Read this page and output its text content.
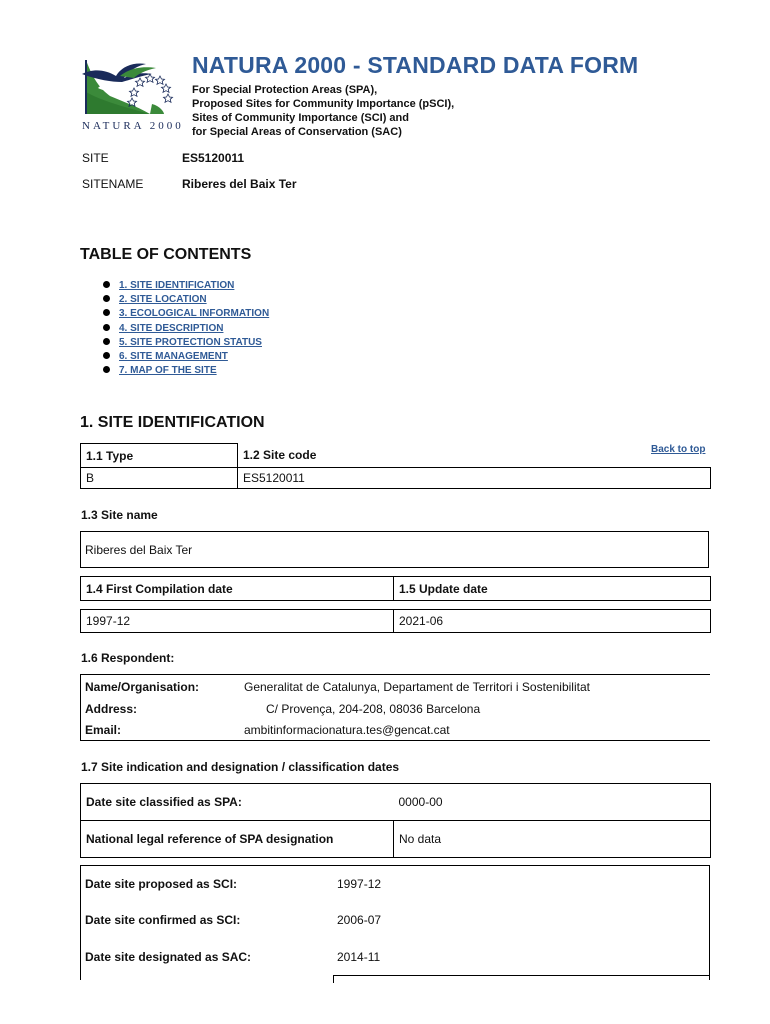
NATURA 2000
NATURA 2000 - STANDARD DATA FORM
For Special Protection Areas (SPA),
Proposed Sites for Community Importance (pSCI),
Sites of Community Importance (SCI) and
for Special Areas of Conservation (SAC)
SITE	ES5120011
SITENAME	Riberes del Baix Ter
TABLE OF CONTENTS
1. SITE IDENTIFICATION
2. SITE LOCATION
3. ECOLOGICAL INFORMATION
4. SITE DESCRIPTION
5. SITE PROTECTION STATUS
6. SITE MANAGEMENT
7. MAP OF THE SITE
1. SITE IDENTIFICATION
Back to top
1.1 Type	1.2 Site code
B	ES5120011
1.3 Site name
Riberes del Baix Ter
1.4 First Compilation date	1.5 Update date
1997-12	2021-06
1.6 Respondent:
Name/Organisation:	Generalitat de Catalunya, Departament de Territori i Sostenibilitat
Address:	C/ Provença, 204-208, 08036 Barcelona
Email:	ambitinformacionatura.tes@gencat.cat
1.7 Site indication and designation / classification dates
Date site classified as SPA:	0000-00
National legal reference of SPA designation	No data
Date site proposed as SCI:	1997-12
Date site confirmed as SCI:	2006-07
Date site designated as SAC:	2014-11
